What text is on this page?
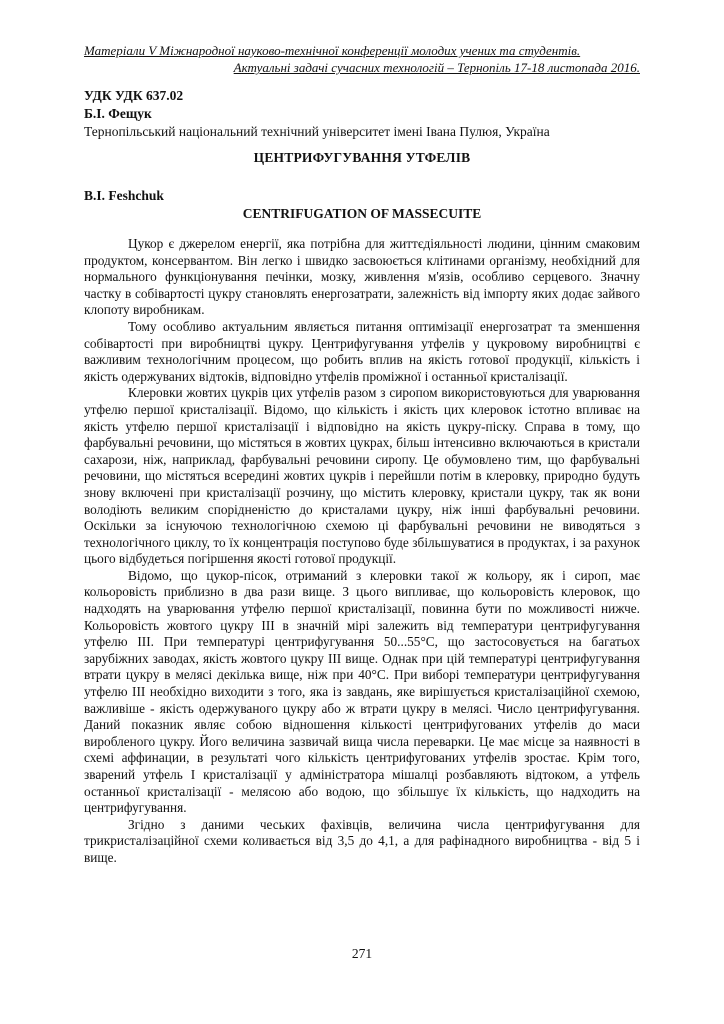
Матеріали V Міжнародної науково-технічної конференції молодих учених та студентів.
Актуальні задачі сучасних технологій – Тернопіль 17-18 листопада 2016.
УДК УДК 637.02
Б.І. Фещук
Тернопільський національний технічний університет імені Івана Пулюя, Україна
ЦЕНТРИФУГУВАННЯ УТФЕЛІВ
B.I. Feshchuk
CENTRIFUGATION OF MASSECUITE

Цукор є джерелом енергії, яка потрібна для життєдіяльності людини, цінним смаковим продуктом, консервантом. Він легко і швидко засвоюється клітинами організму, необхідний для нормального функціонування печінки, мозку, живлення м'язів, особливо серцевого. Значну частку в собівартості цукру становлять енергозатрати, залежність від імпорту яких додає зайвого клопоту виробникам.

Тому особливо актуальним являється питання оптимізації енергозатрат та зменшення собівартості при виробництві цукру. Центрифугування утфелів у цукровому виробництві є важливим технологічним процесом, що робить вплив на якість готової продукції, кількість і якість одержуваних відтоків, відповідно утфелів проміжної і останньої кристалізації.

Клеровки жовтих цукрів цих утфелів разом з сиропом використовуються для уварювання утфелю першої кристалізації. Відомо, що кількість і якість цих клеровок істотно впливає на якість утфелю першої кристалізації і відповідно на якість цукру-піску. Справа в тому, що фарбувальні речовини, що містяться в жовтих цукрах, більш інтенсивно включаються в кристали сахарози, ніж, наприклад, фарбувальні речовини сиропу. Це обумовлено тим, що фарбувальні речовини, що містяться всередині жовтих цукрів і перейшли потім в клеровку, природно будуть знову включені при кристалізації розчину, що містить клеровку, кристали цукру, так як вони володіють великим спорідненістю до кристалами цукру, ніж інші фарбувальні речовини. Оскільки за існуючою технологічною схемою ці фарбувальні речовини не виводяться з технологічного циклу, то їх концентрація поступово буде збільшуватися в продуктах, і за рахунок цього відбудеться погіршення якості готової продукції.

Відомо, що цукор-пісок, отриманий з клеровки такої ж кольору, як і сироп, має кольоровість приблизно в два рази вище. З цього випливає, що кольоровість клеровок, що надходять на уварювання утфелю першої кристалізації, повинна бути по можливості нижче. Кольоровість жовтого цукру III в значній мірі залежить від температури центрифугування утфелю III. При температурі центрифугування 50...55°С, що застосовується на багатьох зарубіжних заводах, якість жовтого цукру III вище. Однак при цій температурі центрифугування втрати цукру в мелясі декілька вище, ніж при 40°С. При виборі температури центрифугування утфелю III необхідно виходити з того, яка із завдань, яке вирішується кристалізаційної схемою, важливіше - якість одержуваного цукру або ж втрати цукру в мелясі. Число центрифугування. Даний показник являє собою відношення кількості центрифугованих утфелів до маси виробленого цукру. Його величина зазвичай вища числа переварки. Це має місце за наявності в схемі аффинации, в результаті чого кількість центрифугованих утфелів зростає. Крім того, зварений утфель І кристалізації у адміністратора мішалці розбавляють відтоком, а утфель останньої кристалізації - мелясою або водою, що збільшує їх кількість, що надходить на центрифугування.

Згідно з даними чеських фахівців, величина числа центрифугування для трикристалізаційної схеми коливається від 3,5 до 4,1, а для рафінадного виробництва - від 5 і вище.

271
